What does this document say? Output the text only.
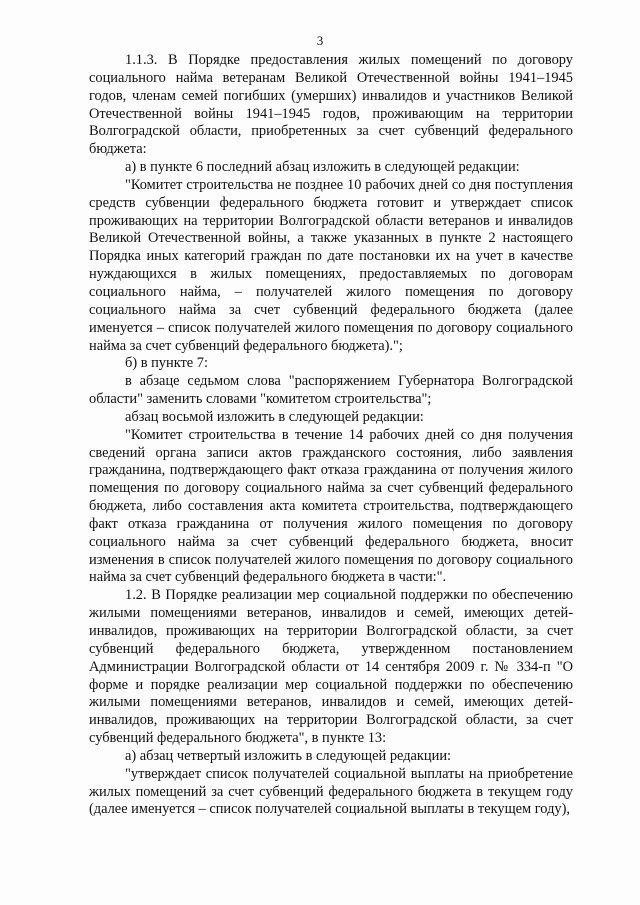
3

1.1.3. В Порядке предоставления жилых помещений по договору социального найма ветеранам Великой Отечественной войны 1941–1945 годов, членам семей погибших (умерших) инвалидов и участников Великой Отечественной войны 1941–1945 годов, проживающим на территории Волгоградской области, приобретенных за счет субвенций федерального бюджета:

а) в пункте 6 последний абзац изложить в следующей редакции:

"Комитет строительства не позднее 10 рабочих дней со дня поступления средств субвенции федерального бюджета готовит и утверждает список проживающих на территории Волгоградской области ветеранов и инвалидов Великой Отечественной войны, а также указанных в пункте 2 настоящего Порядка иных категорий граждан по дате постановки их на учет в качестве нуждающихся в жилых помещениях, предоставляемых по договорам социального найма, – получателей жилого помещения по договору социального найма за счет субвенций федерального бюджета (далее именуется – список получателей жилого помещения по договору социального найма за счет субвенций федерального бюджета).";

б) в пункте 7:

в абзаце седьмом слова "распоряжением Губернатора Волгоградской области" заменить словами "комитетом строительства";

абзац восьмой изложить в следующей редакции:

"Комитет строительства в течение 14 рабочих дней со дня получения сведений органа записи актов гражданского состояния, либо заявления гражданина, подтверждающего факт отказа гражданина от получения жилого помещения по договору социального найма за счет субвенций федерального бюджета, либо составления акта комитета строительства, подтверждающего факт отказа гражданина от получения жилого помещения по договору социального найма за счет субвенций федерального бюджета, вносит изменения в список получателей жилого помещения по договору социального найма за счет субвенций федерального бюджета в части:".

1.2. В Порядке реализации мер социальной поддержки по обеспечению жилыми помещениями ветеранов, инвалидов и семей, имеющих детей-инвалидов, проживающих на территории Волгоградской области, за счет субвенций федерального бюджета, утвержденном постановлением Администрации Волгоградской области от 14 сентября 2009 г. № 334-п "О форме и порядке реализации мер социальной поддержки по обеспечению жилыми помещениями ветеранов, инвалидов и семей, имеющих детей-инвалидов, проживающих на территории Волгоградской области, за счет субвенций федерального бюджета", в пункте 13:

а) абзац четвертый изложить в следующей редакции:

"утверждает список получателей социальной выплаты на приобретение жилых помещений за счет субвенций федерального бюджета в текущем году (далее именуется – список получателей социальной выплаты в текущем году),
